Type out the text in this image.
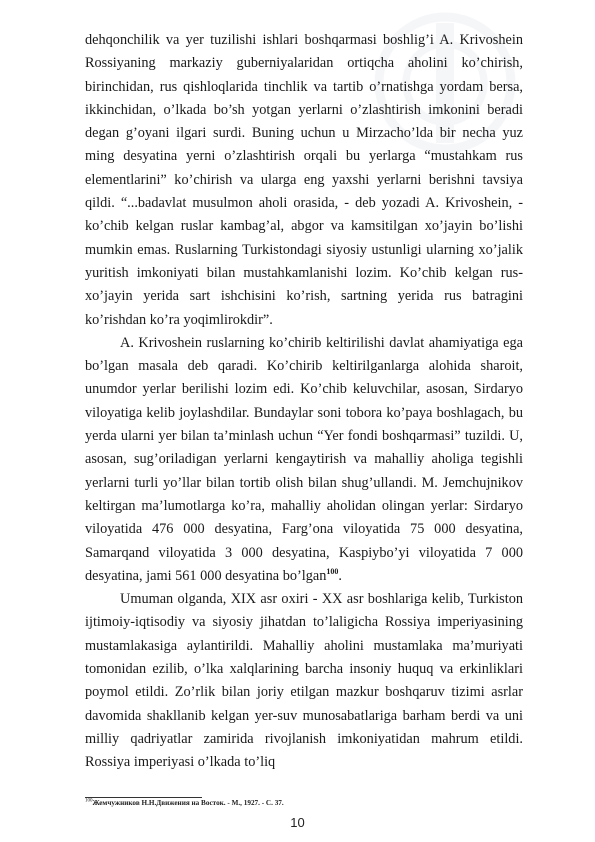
dehqonchilik va yer tuzilishi ishlari boshqarmasi boshlig’i A. Krivoshein Rossiyaning markaziy guberniyalaridan ortiqcha aholini ko’chirish, birinchidan, rus qishloqlarida tinchlik va tartib o’rnatishga yordam bersa, ikkinchidan, o’lkada bo’sh yotgan yerlarni o’zlashtirish imkonini beradi degan g’oyani ilgari surdi. Buning uchun u Mirzacho’lda bir necha yuz ming desyatina yerni o’zlashtirish orqali bu yerlarga “mustahkam rus elementlarini” ko’chirish va ularga eng yaxshi yerlarni berishni tavsiya qildi. “...badavlat musulmon aholi orasida, - deb yozadi A. Krivoshein, - ko’chib kelgan ruslar kambag’al, abgor va kamsitilgan xo’jayin bo’lishi mumkin emas. Ruslarning Turkistondagi siyosiy ustunligi ularning xo’jalik yuritish imkoniyati bilan mustahkamlanishi lozim. Ko’chib kelgan rus-xo’jayin yerida sart ishchisini ko’rish, sartning yerida rus batragini ko’rishdan ko’ra yoqimlirokdir”.

A. Krivoshein ruslarning ko’chirib keltirilishi davlat ahamiyatiga ega bo’lgan masala deb qaradi. Ko’chirib keltirilganlarga alohida sharoit, unumdor yerlar berilishi lozim edi. Ko’chib keluvchilar, asosan, Sirdaryo viloyatiga kelib joylashdilar. Bundaylar soni tobora ko’paya boshlagach, bu yerda ularni yer bilan ta’minlash uchun “Yer fondi boshqarmasi” tuzildi. U, asosan, sug’oriladigan yerlarni kengaytirish va mahalliy aholiga tegishli yerlarni turli yo’llar bilan tortib olish bilan shug’ullandi. M. Jemchujnikov keltirgan ma’lumotlarga ko’ra, mahalliy aholidan olingan yerlar: Sirdaryo viloyatida 476 000 desyatina, Farg’ona viloyatida 75 000 desyatina, Samarqand viloyatida 3 000 desyatina, Kaspiybo’yi viloyatida 7 000 desyatina, jami 561 000 desyatina bo’lgan$^{100}$.

Umuman olganda, XIX asr oxiri - XX asr boshlariga kelib, Turkiston ijtimoiy-iqtisodiy va siyosiy jihatdan to’laligicha Rossiya imperiyasining mustamlakasiga aylantirildi. Mahalliy aholini mustamlaka ma’muriyati tomonidan ezilib, o’lka xalqlarining barcha insoniy huquq va erkinliklari poymol etildi. Zo’rlik bilan joriy etilgan mazkur boshqaruv tizimi asrlar davomida shakllanib kelgan yer-suv munosabatlariga barham berdi va uni milliy qadriyatlar zamirida rivojlanish imkoniyatidan mahrum etildi. Rossiya imperiyasi o’lkada to’liq

$^{100}$Жемчужников Н.Н.Движения на Восток. - М., 1927. - С. 37.
10
